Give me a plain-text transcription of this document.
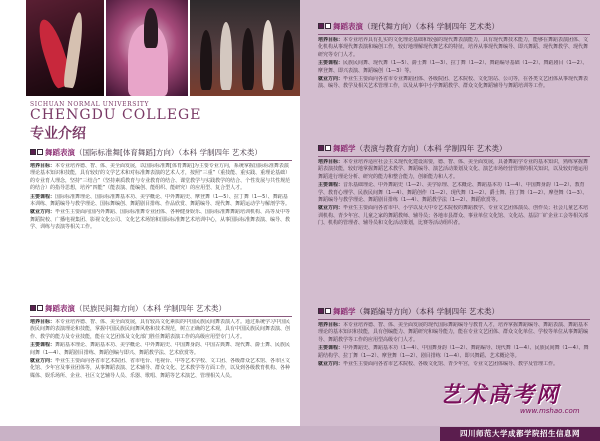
SICHUAN NORMAL UNIVERSITY
CHENGDU COLLEGE
专业介绍
舞蹈表演（国际标准舞[体育舞蹈]方向）（本科 学制四年 艺术类）
培养目标：本专业培养德、智、体、美全面发展，以国际标准舞[体育舞蹈]为主要专业方向，系统掌握国际标准舞表演理论基本知识和技能，具有较好的文学艺术和对标准舞表演的艺术人才，按照“三重”（重技能、重实践、重理论基础）的专业育人理念，坚持“三结合”（坚持素质教育与专业教育的结合、课堂教学与实践教学的结合、个性发展与共性规范的结合）的指导思想，培养“四能”（能表演、能编创、能组织、能研究）的应用型、复合型人才。
主要课程：国际标准舞理论、国际标准舞基本功、美学概论、中外舞蹈史、摩登舞（1—5）、拉丁舞（1—5）、舞蹈基本训练、舞蹈编导与教学理论、国标舞编创、舞蹈剧目排练、作品欣赏、舞蹈编导、现代舞、舞蹈运动学与解剖学等。
就业方向：毕业生主要面向国内外舞蹈、国际标准舞专业团体、各种健身娱乐、国际标准舞舞蹈培训机构、高等及中等舞蹈院校、广播电视集团、影视文化公司、文化艺术场馆和国际标准舞艺术培训中心，从事国际标准舞表演、编导、教学、训练与表演等相关工作。
舞蹈表演（民族民间舞方向）（本科 学制四年 艺术类）
培养目标：本专业培养德、智、体、美全面发展，具有较高文化素质的中国民族民间舞表演人才。通过系统学习中国民族民间舞的表演理论和技能，掌握中国民族民间舞风格和技术规范，树立正确的艺术观，具有中国民族民间舞表演、创作、教学的能力及专业技能，能在文艺团体及文化部门胜任舞蹈表演工作的高级应用型专门人才。
主要课程：舞蹈基本理论、舞蹈基本功、美学概论、中外舞蹈史、中国舞身韵、中国古典舞、现代舞、爵士舞、民族民间舞（1—4）、舞蹈剧目排练、舞蹈创编与即兴、舞蹈教学法、艺术欣赏等。
就业方向：毕业生主要面向各省市艺术院团、省市电台、电视台、中等艺术学校、文工团、各级群众艺术馆、各市区文化馆、少年宫及事业团体等，从事舞蹈表演、艺术辅导、群众文化、艺术教学等方面工作，以及到各级教育机构、各种媒体、娱乐场所、企业、社区文艺辅导人员、乐器、歌唱、舞蹈等艺术演艺、管理相关人员。
舞蹈表演（现代舞方向）（本科 学制四年 艺术类）
培养目标：本专业培养具有扎实的文化理论基础和较强的现代舞表演能力，具有现代舞技术能力，能够在舞蹈表演团体、文化机构从事现代舞表演和编创工作，较好地理解现代舞艺术的特征，培养从事现代舞编导、即兴舞蹈、现代舞教学、现代舞研究等专门人才。
主要课程：民族民间舞、现代舞（1—5）、爵士舞（1—3）、拉丁舞（1—2）、舞蹈编导基础（1—2）、舞蹈剧目（1—2）、摩登舞、即兴表演、舞蹈编创（1—3）等。
就业方向：毕业生主要面向各省市专业舞蹈团体、各级院团、艺术院校、文化馆站、公司等，在各类文艺团体从事现代舞表演、编导、教学及相关艺术管理工作，以及从事中小学舞蹈教学、群众文化舞蹈辅导与舞蹈培训等工作。
舞蹈学（表演与教育方向）（本科 学制四年 艺术类）
培养目标：本专业培养适应社会主义现代化建设需要，德、智、体、美全面发展，具备舞蹈学专业的基本知识，熟练掌握舞蹈表演技能，较好地掌握舞蹈艺术教学、舞蹈编导、演艺活动策划及文化、演艺市场经营管理的相关知识，以及较好地运用舞蹈进行理论分析、研究的能力和整合能力，创新能力和人才。
主要课程：音乐基础理论、中外舞蹈史（1—2）、美学原理、艺术概论、舞蹈基本功（1—4）、中国舞身韵（1—2）、教育学、教育心理学、民族民间舞（1—4）、舞蹈创作（1—2）、现代舞（1—2）、爵士舞、拉丁舞（1—2）、摩登舞（1—3）、舞蹈编导与教学理论、舞蹈剧目排练（1—4）、舞蹈教学法（1—2）、舞蹈欣赏等。
就业方向：毕业生主要面向各省市中、小学以及大中专艺术院校的舞蹈教学、专业文艺团体演员、创作员；社会儿童艺术培训机构、青少年宫、儿童之家的舞蹈教师、辅导员；各地市县群众、事业单位文化馆、文化站、基层厂矿企业工会等相关部门、机构的管理者、辅导员和文化活动策划，比赛等活动组织者。
舞蹈学（舞蹈编导方向）（本科 学制四年 艺术类）
培养目标：本专业培养德、智、体、美全面发展的现代国际舞蹈编导与教育人才，培养掌握舞蹈编导、舞蹈表演、舞蹈基本理论的基本知识和技能，具有创编能力、舞蹈研究和编导能力，能在专业文艺团体、群众文化单位、学校等单位从事舞蹈编导、舞蹈教学等工作的应用型高级专门人才。
主要课程：中外舞蹈史、舞蹈基本功（1—4）、中国舞身韵（1—2）、舞蹈编导、现代舞（1—4）、民族民间舞（1—4）、舞蹈结构学、拉丁舞（1—2）、摩登舞（1—2）、剧目排练（1—4）、即兴舞蹈、艺术概论等。
就业方向：毕业生主要面向各省市艺术院校、各级文化馆、青少年宫，专业文艺团体编导、教学及管理工作。
艺术高考网
www.mshao.com
四川师范大学成都学院招生信息网
